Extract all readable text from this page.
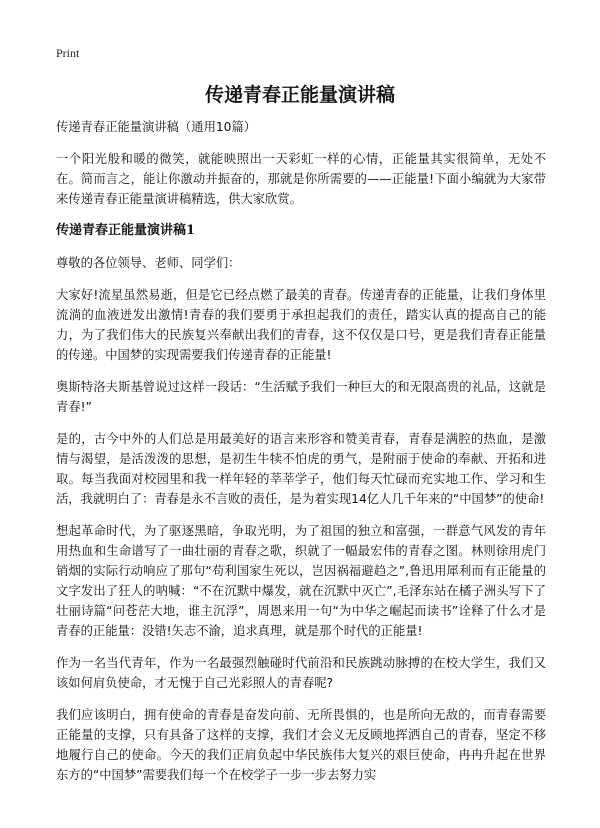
Print
传递青春正能量演讲稿

传递青春正能量演讲稿（通用10篇）

一个阳光般和暖的微笑，就能映照出一天彩虹一样的心情，正能量其实很简单，无处不在。简而言之，能让你激动并振奋的，那就是你所需要的——正能量!下面小编就为大家带来传递青春正能量演讲稿精选，供大家欣赏。

传递青春正能量演讲稿1

尊敬的各位领导、老师、同学们：

大家好!流星虽然易逝，但是它已经点燃了最美的青春。传递青春的正能量，让我们身体里流淌的血液迸发出激情!青春的我们要勇于承担起我们的责任，踏实认真的提高自己的能力，为了我们伟大的民族复兴奉献出我们的青春，这不仅仅是口号，更是我们青春正能量的传递。中国梦的实现需要我们传递青春的正能量!

奥斯特洛夫斯基曾说过这样一段话：“生活赋予我们一种巨大的和无限高贵的礼品，这就是青春!”

是的，古今中外的人们总是用最美好的语言来形容和赞美青春，青春是满腔的热血，是激情与渴望，是活泼泼的思想，是初生牛犊不怕虎的勇气，是附丽于使命的奉献、开拓和进取。每当我面对校园里和我一样年轻的莘莘学子，他们每天忙碌而充实地工作、学习和生活，我就明白了：青春是永不言败的责任，是为着实现14亿人几千年来的“中国梦”的使命!

想起革命时代，为了驱逐黑暗，争取光明，为了祖国的独立和富强，一群意气风发的青年用热血和生命谱写了一曲壮丽的青春之歌，织就了一幅最宏伟的青春之图。林则徐用虎门销烟的实际行动响应了那句“苟利国家生死以，岂因祸福避趋之”,鲁迅用犀利而有正能量的文字发出了狂人的呐喊：“不在沉默中爆发，就在沉默中灭亡”,毛泽东站在橘子洲头写下了壮丽诗篇“问苍茫大地，谁主沉浮”，周恩来用一句“为中华之崛起而读书”诠释了什么才是青春的正能量：没错!矢志不渝，追求真理，就是那个时代的正能量!

作为一名当代青年，作为一名最强烈触碰时代前沿和民族跳动脉搏的在校大学生，我们又该如何肩负使命，才无愧于自己光彩照人的青春呢?

我们应该明白，拥有使命的青春是奋发向前、无所畏惧的，也是所向无敌的，而青春需要正能量的支撑，只有具备了这样的支撑，我们才会义无反顾地挥洒自己的青春，坚定不移地履行自己的使命。今天的我们正肩负起中华民族伟大复兴的艰巨使命，冉冉升起在世界东方的“中国梦”需要我们每一个在校学子一步一步去努力实
